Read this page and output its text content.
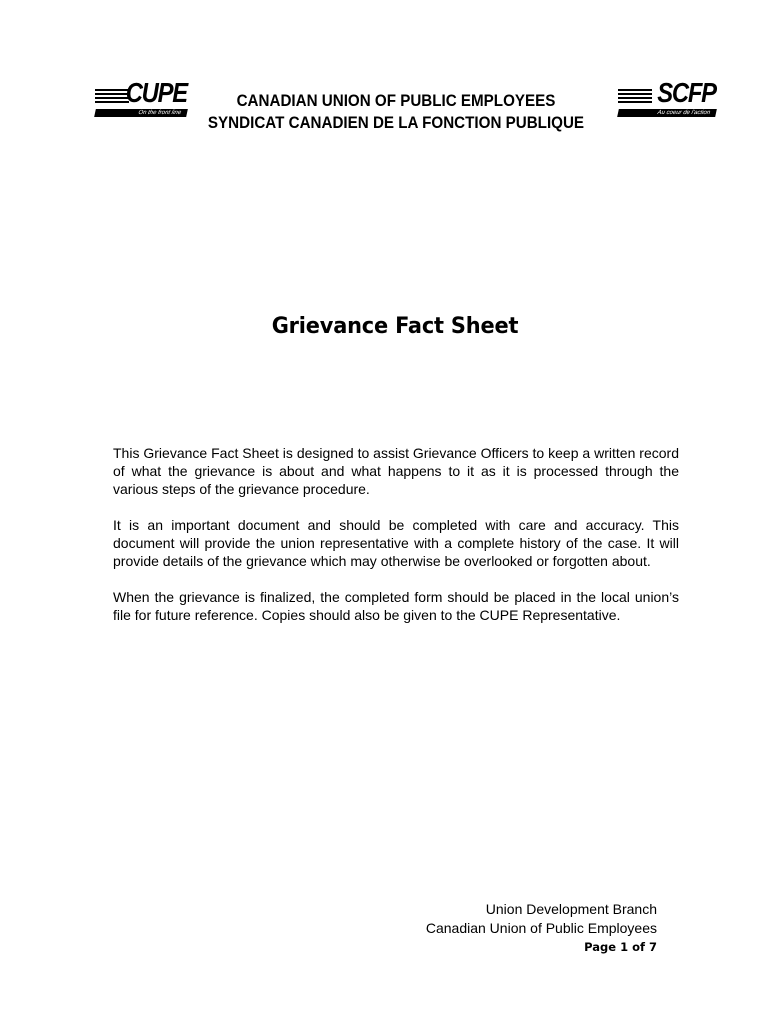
CUPE
On the front line
CANADIAN UNION OF PUBLIC EMPLOYEES
SYNDICAT CANADIEN DE LA FONCTION PUBLIQUE
SCFP
Au coeur de l'action
Grievance Fact Sheet

This Grievance Fact Sheet is designed to assist Grievance Officers to keep a written record of what the grievance is about and what happens to it as it is processed through the various steps of the grievance procedure.

It is an important document and should be completed with care and accuracy. This document will provide the union representative with a complete history of the case. It will provide details of the grievance which may otherwise be overlooked or forgotten about.

When the grievance is finalized, the completed form should be placed in the local union’s file for future reference. Copies should also be given to the CUPE Representative.

Union Development Branch
Canadian Union of Public Employees
Page 1 of 7
